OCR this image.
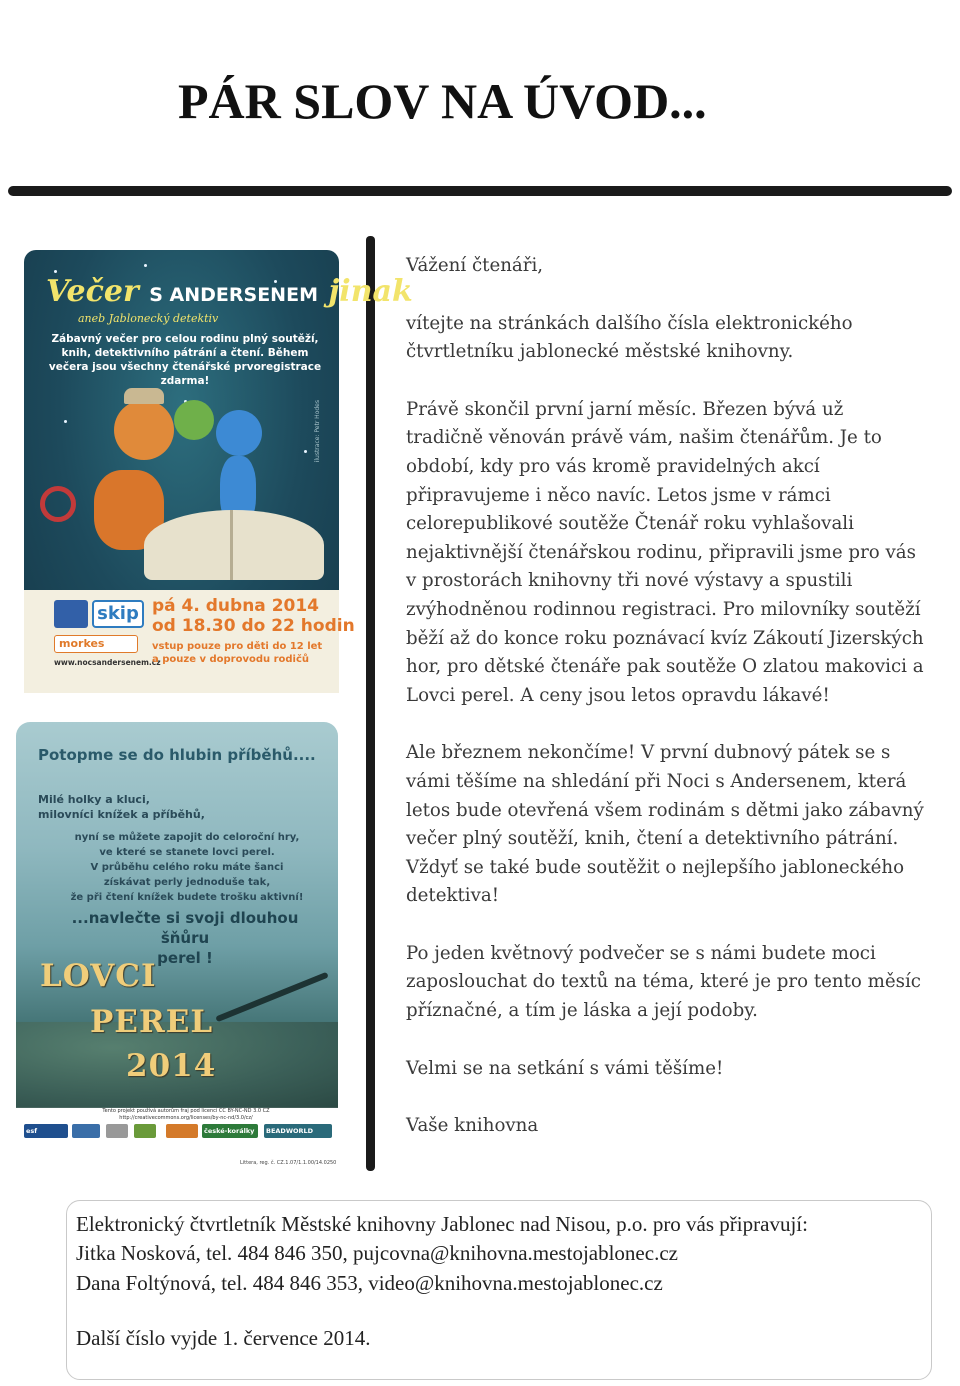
PÁR SLOV NA ÚVOD...
Večer S ANDERSENEM jinak
aneb Jablonecký detektiv
Zábavný večer pro celou rodinu plný soutěží, knih, detektivního pátrání a čtení. Během večera jsou všechny čtenářské prvoregistrace zdarma!
ilustrace: Petr Hodes
skip
morkes
www.nocsandersenem.cz
pá 4. dubna 2014
od 18.30 do 22 hodin
vstup pouze pro děti do 12 let
a pouze v doprovodu rodičů
Potopme se do hlubin příběhů....
Milé holky a kluci,
milovníci knížek a příběhů,
nyní se můžete zapojit do celoroční hry,
ve které se stanete lovci perel.
V průběhu celého roku máte šanci
získávat perly jednoduše tak,
že při čtení knížek budete trošku aktivní!
...navlečte si svoji dlouhou šňůru
perel !
LOVCI
PEREL
2014
Tento projekt používá autorům fraj pod licencí CC BY-NC-ND 3.0 CZ
http://creativecommons.org/licenses/by-nc-nd/3.0/cz/
esf	české-korálky	BEADWORLD
Littera, reg. č. CZ.1.07/1.1.00/14.0250

Vážení čtenáři,

vítejte na stránkách dalšího čísla elektronického čtvrtletníku jablonecké městské knihovny.

Právě skončil první jarní měsíc. Březen bývá už tradičně věnován právě vám, našim čtenářům. Je to období, kdy pro vás kromě pravidelných akcí připravujeme i něco navíc. Letos jsme v rámci celorepublikové soutěže Čtenář roku vyhlašovali nejaktivnější čtenářskou rodinu, připravili jsme pro vás v prostorách knihovny tři nové výstavy a spustili zvýhodněnou rodinnou registraci. Pro milovníky soutěží běží až do konce roku poznávací kvíz Zákoutí Jizerských hor, pro dětské čtenáře pak soutěže O zlatou makovici a Lovci perel. A ceny jsou letos opravdu lákavé!

Ale březnem nekončíme! V první dubnový pátek se s vámi těšíme na shledání při Noci s Andersenem, která letos bude otevřená všem rodinám s dětmi jako zábavný večer plný soutěží, knih, čtení a detektivního pátrání. Vždyť se také bude soutěžit o nejlepšího jabloneckého detektiva!

Po jeden květnový podvečer se s námi budete moci zaposlouchat do textů na téma, které je pro tento měsíc příznačné, a tím je láska a její podoby.

Velmi se na setkání s vámi těšíme!

Vaše knihovna

Elektronický čtvrtletník Městské knihovny Jablonec nad Nisou, p.o. pro vás připravují:

Jitka Nosková, tel. 484 846 350, pujcovna@knihovna.mestojablonec.cz

Dana Foltýnová, tel. 484 846 353, video@knihovna.mestojablonec.cz

Další číslo vyjde 1. července 2014.
